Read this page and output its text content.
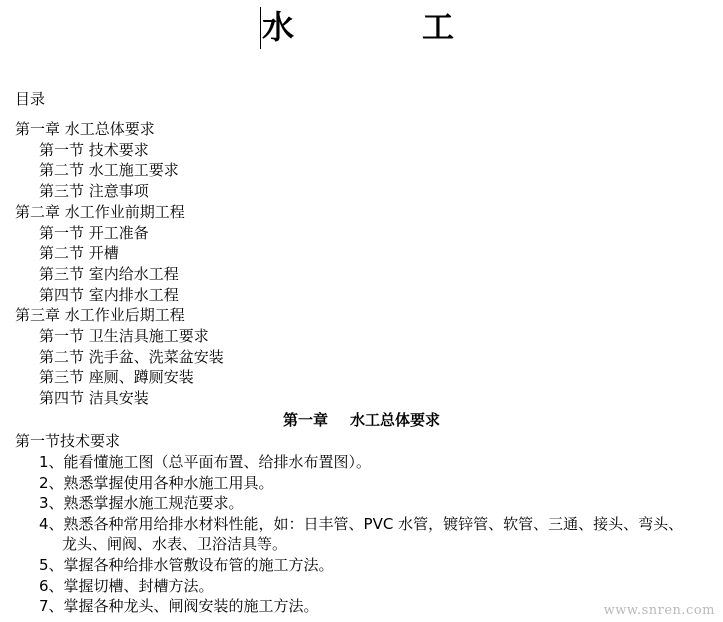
水	工
目录
第一章 水工总体要求
第一节 技术要求
第二节 水工施工要求
第三节 注意事项
第二章 水工作业前期工程
第一节 开工准备
第二节 开槽
第三节 室内给水工程
第四节 室内排水工程
第三章 水工作业后期工程
第一节 卫生洁具施工要求
第二节 洗手盆、洗菜盆安装
第三节 座厕、蹲厕安装
第四节 洁具安装
第一章 水工总体要求
第一节技术要求
1、能看懂施工图（总平面布置、给排水布置图）。
2、熟悉掌握使用各种水施工用具。
3、熟悉掌握水施工规范要求。
4、熟悉各种常用给排水材料性能，如：日丰管、PVC 水管，镀锌管、软管、三通、接头、弯头、
龙头、闸阀、水表、卫浴洁具等。
5、掌握各种给排水管敷设布管的施工方法。
6、掌握切槽、封槽方法。
7、掌握各种龙头、闸阀安装的施工方法。	www.snren.com
